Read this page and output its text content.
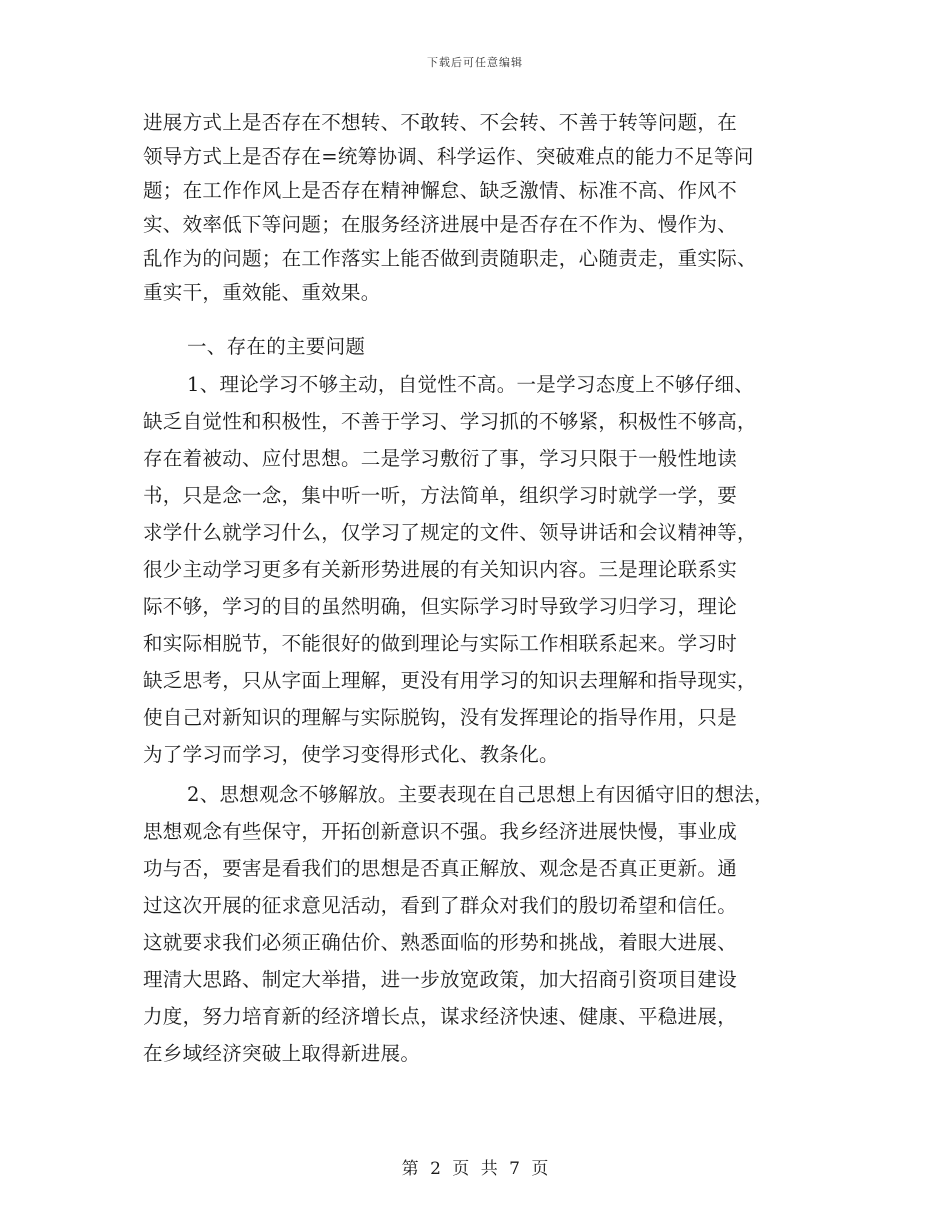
下载后可任意编辑
进展方式上是否存在不想转、不敢转、不会转、不善于转等问题，在
领导方式上是否存在=统筹协调、科学运作、突破难点的能力不足等问
题；在工作作风上是否存在精神懈怠、缺乏激情、标准不高、作风不
实、效率低下等问题；在服务经济进展中是否存在不作为、慢作为、
乱作为的问题；在工作落实上能否做到责随职走，心随责走，重实际、
重实干，重效能、重效果。
一、存在的主要问题
1、理论学习不够主动，自觉性不高。一是学习态度上不够仔细、
缺乏自觉性和积极性，不善于学习、学习抓的不够紧，积极性不够高，
存在着被动、应付思想。二是学习敷衍了事，学习只限于一般性地读
书，只是念一念，集中听一听，方法简单，组织学习时就学一学，要
求学什么就学习什么，仅学习了规定的文件、领导讲话和会议精神等，
很少主动学习更多有关新形势进展的有关知识内容。三是理论联系实
际不够，学习的目的虽然明确，但实际学习时导致学习归学习，理论
和实际相脱节，不能很好的做到理论与实际工作相联系起来。学习时
缺乏思考，只从字面上理解，更没有用学习的知识去理解和指导现实，
使自己对新知识的理解与实际脱钩，没有发挥理论的指导作用，只是
为了学习而学习，使学习变得形式化、教条化。
2、思想观念不够解放。主要表现在自己思想上有因循守旧的想法，
思想观念有些保守，开拓创新意识不强。我乡经济进展快慢，事业成
功与否，要害是看我们的思想是否真正解放、观念是否真正更新。通
过这次开展的征求意见活动，看到了群众对我们的殷切希望和信任。
这就要求我们必须正确估价、熟悉面临的形势和挑战，着眼大进展、
理清大思路、制定大举措，进一步放宽政策，加大招商引资项目建设
力度，努力培育新的经济增长点，谋求经济快速、健康、平稳进展，
在乡域经济突破上取得新进展。
第 2 页 共 7 页
